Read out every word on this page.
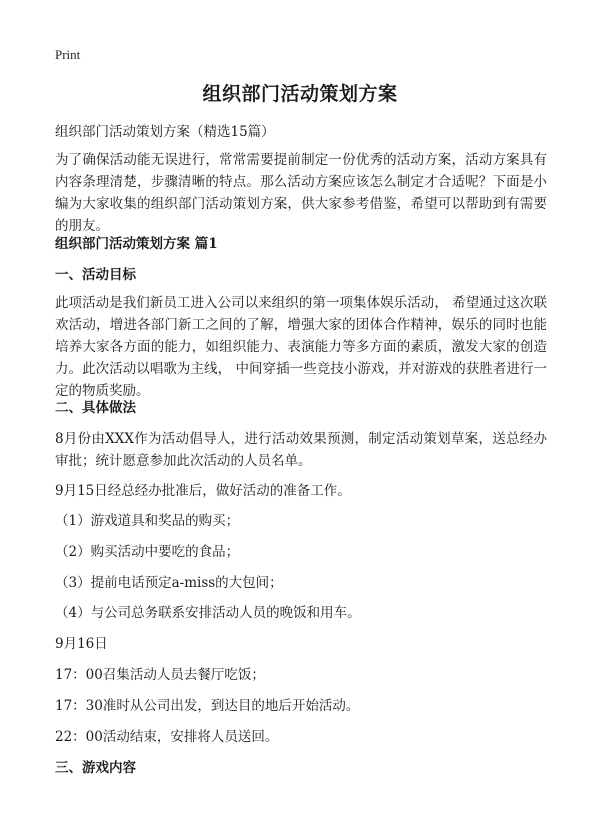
Print
组织部门活动策划方案

组织部门活动策划方案（精选15篇）

为了确保活动能无误进行，常常需要提前制定一份优秀的活动方案，活动方案具有内容条理清楚，步骤清晰的特点。那么活动方案应该怎么制定才合适呢？下面是小编为大家收集的组织部门活动策划方案，供大家参考借鉴，希望可以帮助到有需要的朋友。

组织部门活动策划方案 篇1

一、活动目标

此项活动是我们新员工进入公司以来组织的第一项集体娱乐活动， 希望通过这次联欢活动，增进各部门新工之间的了解，增强大家的团体合作精神，娱乐的同时也能培养大家各方面的能力，如组织能力、表演能力等多方面的素质，激发大家的创造力。此次活动以唱歌为主线， 中间穿插一些竞技小游戏，并对游戏的获胜者进行一定的物质奖励。

二、具体做法

8月份由XXX作为活动倡导人，进行活动效果预测，制定活动策划草案，送总经办审批；统计愿意参加此次活动的人员名单。

9月15日经总经办批准后，做好活动的准备工作。

（1）游戏道具和奖品的购买；

（2）购买活动中要吃的食品；

（3）提前电话预定a-miss的大包间；

（4）与公司总务联系安排活动人员的晚饭和用车。

9月16日

17：00召集活动人员去餐厅吃饭；

17：30准时从公司出发，到达目的地后开始活动。

22：00活动结束，安排将人员送回。

三、游戏内容
